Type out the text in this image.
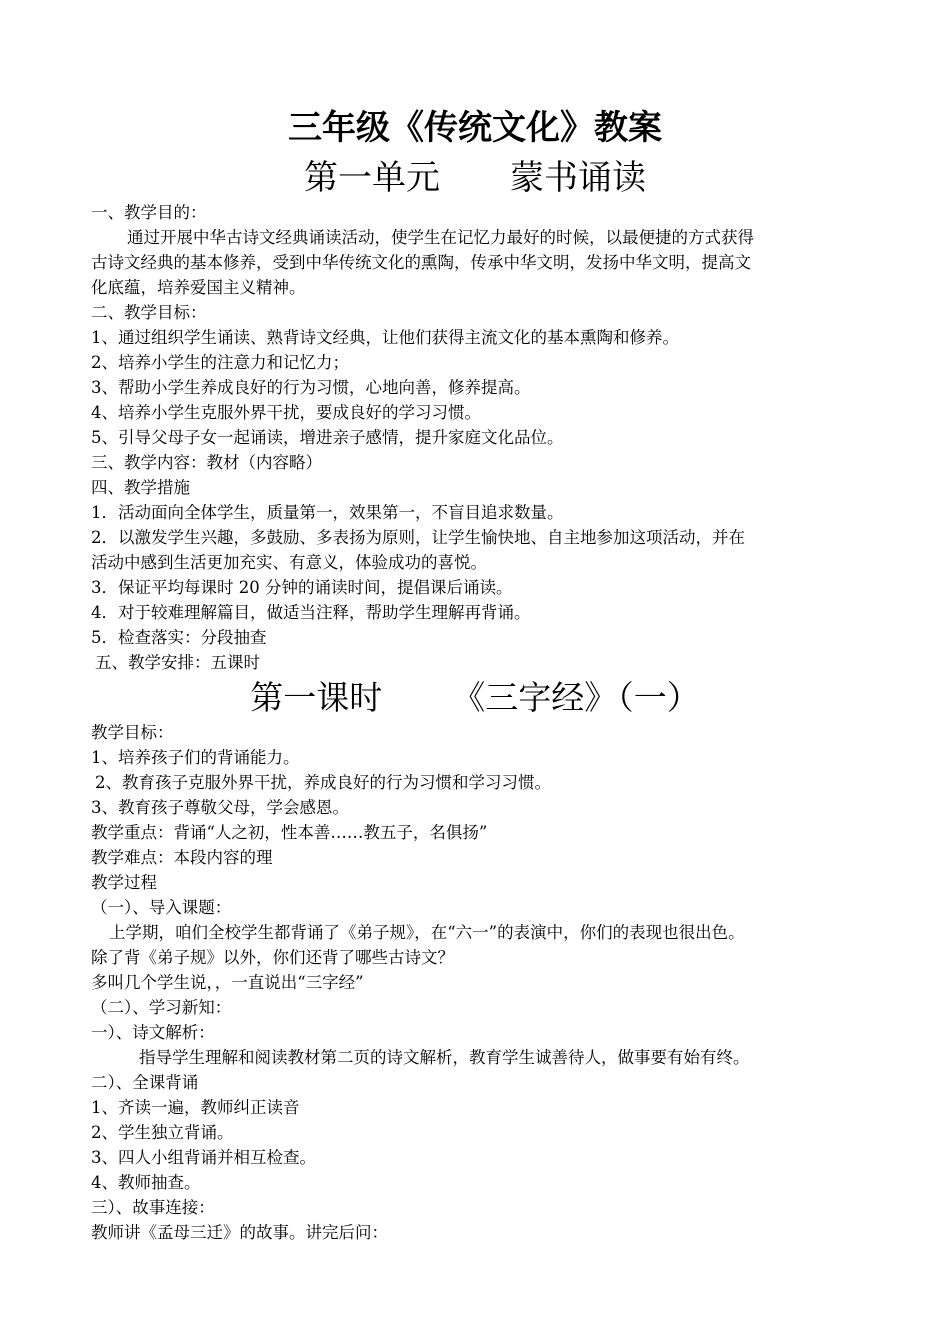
三年级《传统文化》教案
第一单元 蒙书诵读
一、教学目的：
通过开展中华古诗文经典诵读活动，使学生在记忆力最好的时候，以最便捷的方式获得
古诗文经典的基本修养，受到中华传统文化的熏陶，传承中华文明，发扬中华文明，提高文
化底蕴，培养爱国主义精神。
二、教学目标：
1、通过组织学生诵读、熟背诗文经典，让他们获得主流文化的基本熏陶和修养。
2、培养小学生的注意力和记忆力；
3、帮助小学生养成良好的行为习惯，心地向善，修养提高。
4、培养小学生克服外界干扰，要成良好的学习习惯。
5、引导父母子女一起诵读，增进亲子感情，提升家庭文化品位。
三、教学内容：教材（内容略）
四、教学措施
1．活动面向全体学生，质量第一，效果第一，不盲目追求数量。
2．以激发学生兴趣，多鼓励、多表扬为原则，让学生愉快地、自主地参加这项活动，并在
活动中感到生活更加充实、有意义，体验成功的喜悦。
3．保证平均每课时 20 分钟的诵读时间，提倡课后诵读。
4．对于较难理解篇目，做适当注释，帮助学生理解再背诵。
5．检查落实：分段抽查
五、教学安排：五课时
第一课时 《三字经》（一）
教学目标：
1、培养孩子们的背诵能力。
2、教育孩子克服外界干扰，养成良好的行为习惯和学习习惯。
3、教育孩子尊敬父母，学会感恩。
教学重点：背诵“人之初，性本善……教五子，名俱扬”
教学难点：本段内容的理
教学过程
（一）、导入课题：
上学期，咱们全校学生都背诵了《弟子规》，在“六一”的表演中，你们的表现也很出色。
除了背《弟子规》以外，你们还背了哪些古诗文？
多叫几个学生说，，一直说出“三字经”
（二）、学习新知：
一）、诗文解析：
指导学生理解和阅读教材第二页的诗文解析，教育学生诚善待人，做事要有始有终。
二）、全课背诵
1、齐读一遍，教师纠正读音
2、学生独立背诵。
3、四人小组背诵并相互检查。
4、教师抽查。
三）、故事连接：
教师讲《孟母三迁》的故事。讲完后问：
